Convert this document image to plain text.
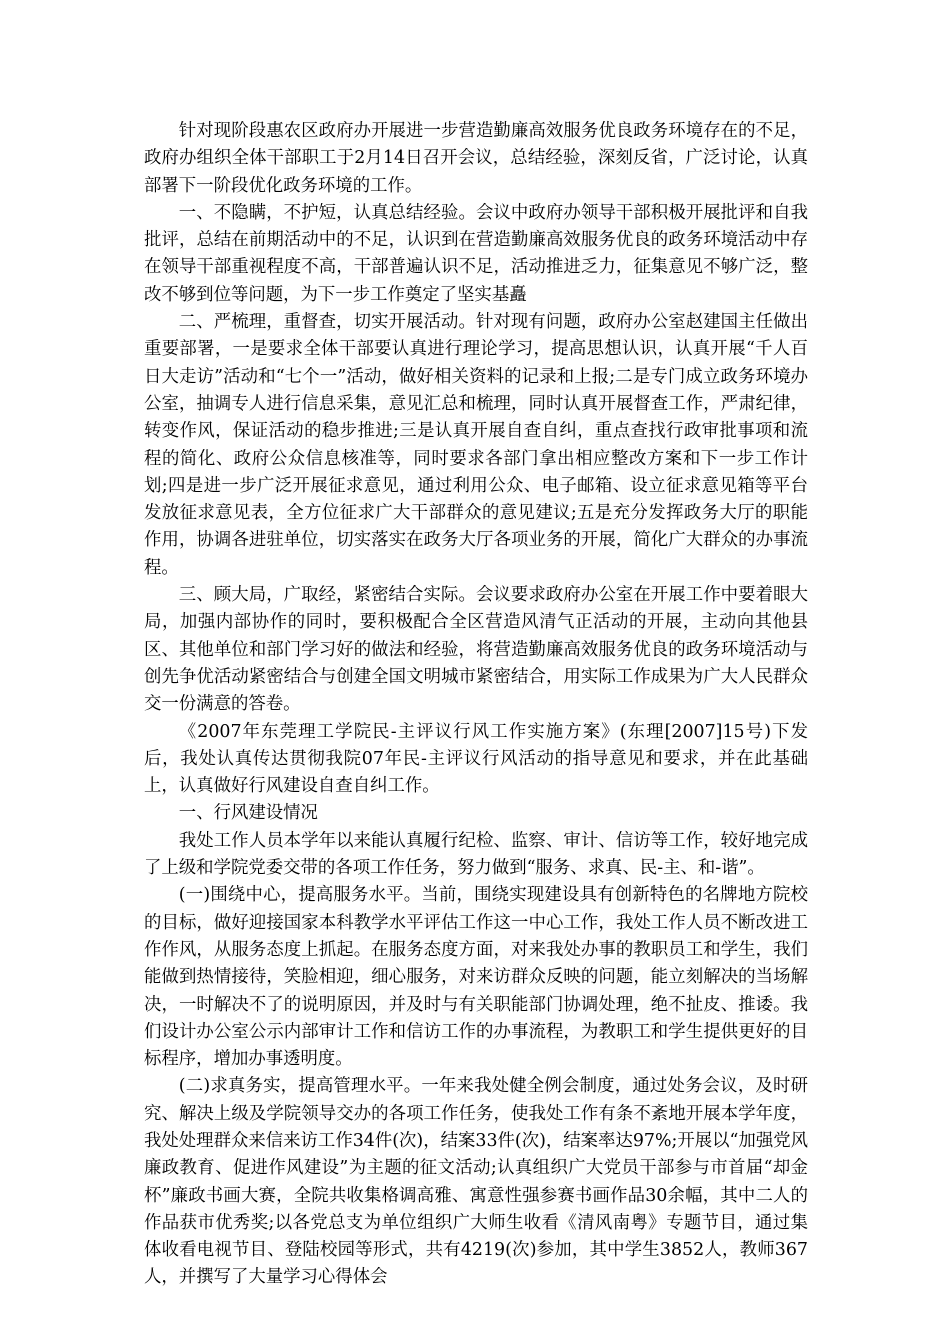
针对现阶段惠农区政府办开展进一步营造勤廉高效服务优良政务环境存在的不足，政府办组织全体干部职工于2月14日召开会议，总结经验，深刻反省，广泛讨论，认真部署下一阶段优化政务环境的工作。

一、不隐瞒，不护短，认真总结经验。会议中政府办领导干部积极开展批评和自我批评，总结在前期活动中的不足，认识到在营造勤廉高效服务优良的政务环境活动中存在领导干部重视程度不高，干部普遍认识不足，活动推进乏力，征集意见不够广泛，整改不够到位等问题，为下一步工作奠定了坚实基矗

二、严梳理，重督查，切实开展活动。针对现有问题，政府办公室赵建国主任做出重要部署，一是要求全体干部要认真进行理论学习，提高思想认识，认真开展“千人百日大走访”活动和“七个一”活动，做好相关资料的记录和上报;二是专门成立政务环境办公室，抽调专人进行信息采集，意见汇总和梳理，同时认真开展督查工作，严肃纪律，转变作风，保证活动的稳步推进;三是认真开展自查自纠，重点查找行政审批事项和流程的简化、政府公众信息核准等，同时要求各部门拿出相应整改方案和下一步工作计划;四是进一步广泛开展征求意见，通过利用公众、电子邮箱、设立征求意见箱等平台发放征求意见表，全方位征求广大干部群众的意见建议;五是充分发挥政务大厅的职能作用，协调各进驻单位，切实落实在政务大厅各项业务的开展，简化广大群众的办事流程。

三、顾大局，广取经，紧密结合实际。会议要求政府办公室在开展工作中要着眼大局，加强内部协作的同时，要积极配合全区营造风清气正活动的开展，主动向其他县区、其他单位和部门学习好的做法和经验，将营造勤廉高效服务优良的政务环境活动与创先争优活动紧密结合与创建全国文明城市紧密结合，用实际工作成果为广大人民群众交一份满意的答卷。

《2007年东莞理工学院民-主评议行风工作实施方案》(东理[2007]15号)下发后，我处认真传达贯彻我院07年民-主评议行风活动的指导意见和要求，并在此基础上，认真做好行风建设自查自纠工作。

一、行风建设情况

我处工作人员本学年以来能认真履行纪检、监察、审计、信访等工作，较好地完成了上级和学院党委交带的各项工作任务，努力做到“服务、求真、民-主、和-谐”。

(一)围绕中心，提高服务水平。当前，围绕实现建设具有创新特色的名牌地方院校的目标，做好迎接国家本科教学水平评估工作这一中心工作，我处工作人员不断改进工作作风，从服务态度上抓起。在服务态度方面，对来我处办事的教职员工和学生，我们能做到热情接待，笑脸相迎，细心服务，对来访群众反映的问题，能立刻解决的当场解决，一时解决不了的说明原因，并及时与有关职能部门协调处理，绝不扯皮、推诿。我们设计办公室公示内部审计工作和信访工作的办事流程，为教职工和学生提供更好的目标程序，增加办事透明度。

(二)求真务实，提高管理水平。一年来我处健全例会制度，通过处务会议，及时研究、解决上级及学院领导交办的各项工作任务，使我处工作有条不紊地开展本学年度，我处处理群众来信来访工作34件(次)，结案33件(次)，结案率达97%;开展以“加强党风廉政教育、促进作风建设”为主题的征文活动;认真组织广大党员干部参与市首届“却金杯”廉政书画大赛，全院共收集格调高雅、寓意性强参赛书画作品30余幅，其中二人的作品获市优秀奖;以各党总支为单位组织广大师生收看《清风南粤》专题节目，通过集体收看电视节目、登陆校园等形式，共有4219(次)参加，其中学生3852人，教师367人，并撰写了大量学习心得体会
